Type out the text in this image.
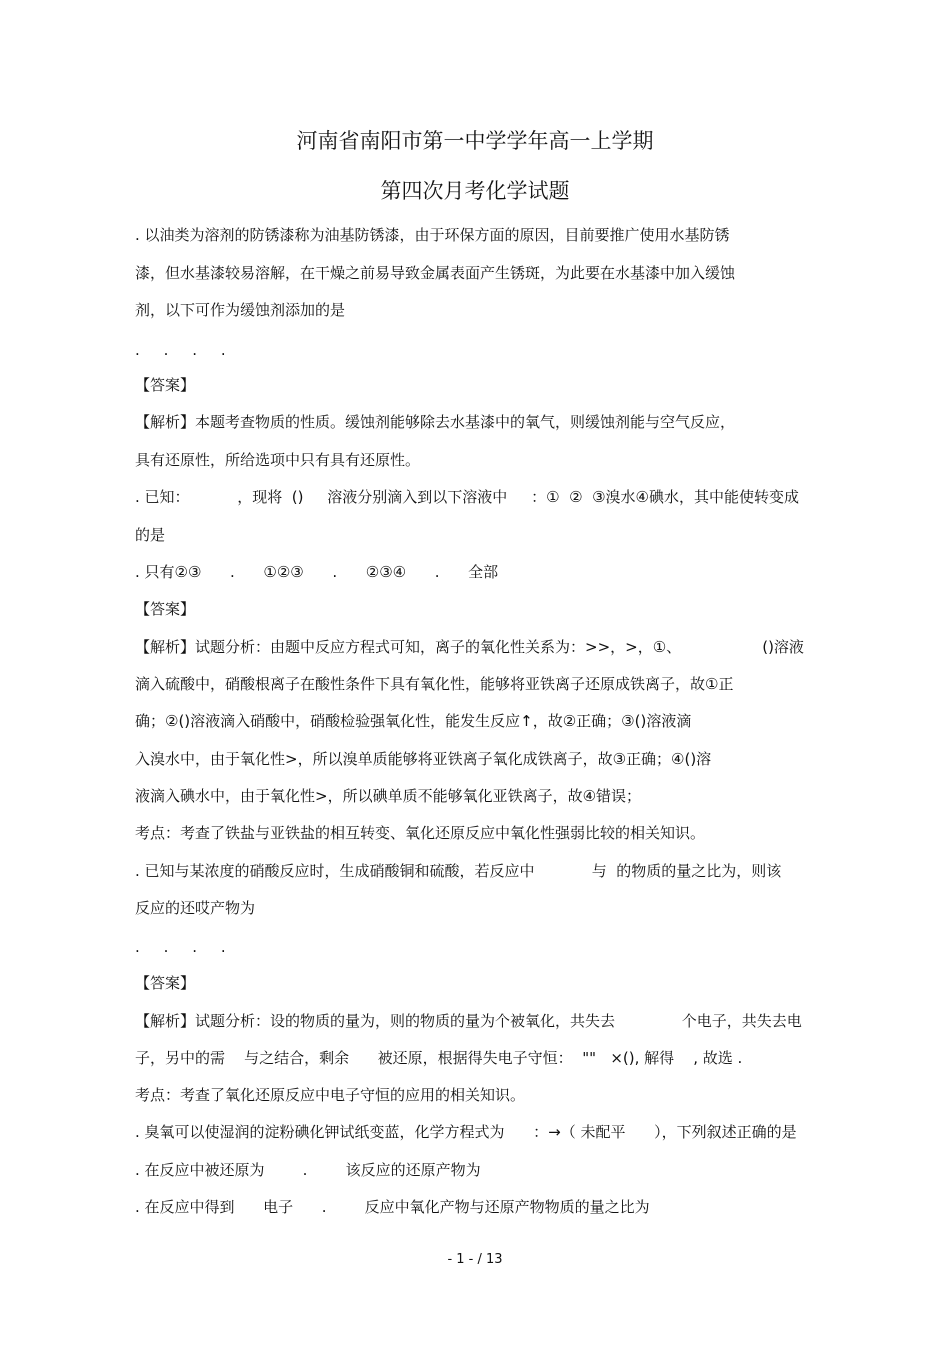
河南省南阳市第一中学学年高一上学期
第四次月考化学试题
. 以油类为溶剂的防锈漆称为油基防锈漆，由于环保方面的原因，目前要推广使用水基防锈
漆，但水基漆较易溶解，在干燥之前易导致金属表面产生锈斑，为此要在水基漆中加入缓蚀
剂，以下可作为缓蚀剂添加的是
.     .     .     .
【答案】
【解析】本题考查物质的性质。缓蚀剂能够除去水基漆中的氧气，则缓蚀剂能与空气反应，
具有还原性，所给选项中只有具有还原性。
. 已知：          ，现将  ()     溶液分别滴入到以下溶液中     ：①  ②  ③溴水④碘水，其中能使转变成
的是
. 只有②③      .      ①②③      .      ②③④      .      全部
【答案】
【解析】试题分析：由题中反应方程式可知，离子的氧化性关系为：>>，>，①、                 ()溶液
滴入硫酸中，硝酸根离子在酸性条件下具有氧化性，能够将亚铁离子还原成铁离子，故①正
确；②()溶液滴入硝酸中，硝酸检验强氧化性，能发生反应↑，故②正确；③()溶液滴
入溴水中，由于氧化性>，所以溴单质能够将亚铁离子氧化成铁离子，故③正确；④()溶
液滴入碘水中，由于氧化性>，所以碘单质不能够氧化亚铁离子，故④错误；
考点：考查了铁盐与亚铁盐的相互转变、氧化还原反应中氧化性强弱比较的相关知识。
. 已知与某浓度的硝酸反应时，生成硝酸铜和硫酸，若反应中            与  的物质的量之比为，则该
反应的还哎产物为
.     .     .     .
【答案】
【解析】试题分析：设的物质的量为，则的物质的量为个被氧化，共失去              个电子，共失去电
子，另中的需    与之结合，剩余      被还原，根据得失电子守恒：  ""   ×(), 解得    , 故选 .
考点：考查了氧化还原反应中电子守恒的应用的相关知识。
. 臭氧可以使湿润的淀粉碘化钾试纸变蓝，化学方程式为      ：→（ 未配平      ），下列叙述正确的是
. 在反应中被还原为        .        该反应的还原产物为
. 在反应中得到      电子      .        反应中氧化产物与还原产物物质的量之比为
- 1 - / 13
